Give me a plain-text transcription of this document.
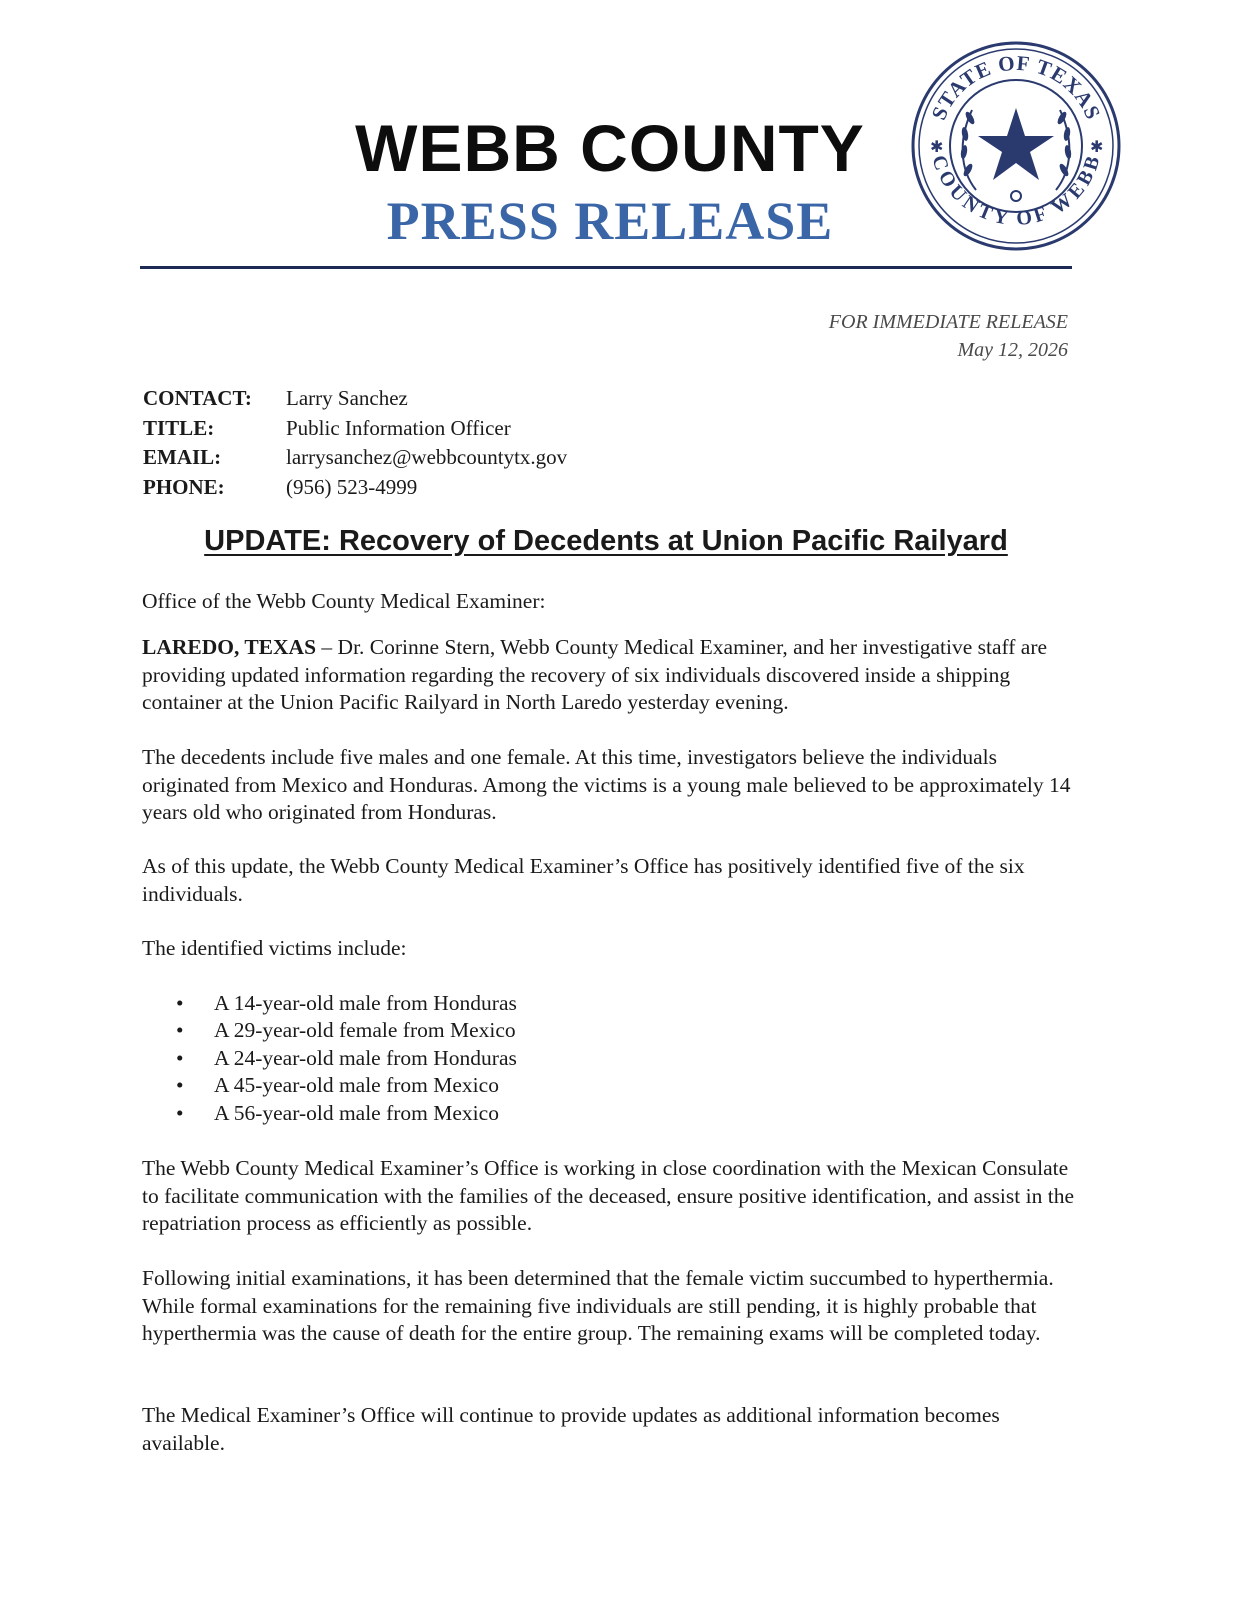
WEBB COUNTY
PRESS RELEASE
STATE OF TEXAS
COUNTY OF WEBB
✱	✱
FOR IMMEDIATE RELEASE
May 12, 2026
CONTACT:	Larry Sanchez
TITLE:	Public Information Officer
EMAIL:	larrysanchez@webbcountytx.gov
PHONE:	(956) 523-4999
UPDATE: Recovery of Decedents at Union Pacific Railyard
Office of the Webb County Medical Examiner:
LAREDO, TEXAS – Dr. Corinne Stern, Webb County Medical Examiner, and her investigative staff are providing updated information regarding the recovery of six individuals discovered inside a shipping container at the Union Pacific Railyard in North Laredo yesterday evening.
The decedents include five males and one female. At this time, investigators believe the individuals originated from Mexico and Honduras. Among the victims is a young male believed to be approximately 14 years old who originated from Honduras.
As of this update, the Webb County Medical Examiner’s Office has positively identified five of the six individuals.
The identified victims include:
• A 14-year-old male from Honduras
• A 29-year-old female from Mexico
• A 24-year-old male from Honduras
• A 45-year-old male from Mexico
• A 56-year-old male from Mexico
The Webb County Medical Examiner’s Office is working in close coordination with the Mexican Consulate to facilitate communication with the families of the deceased, ensure positive identification, and assist in the repatriation process as efficiently as possible.
Following initial examinations, it has been determined that the female victim succumbed to hyperthermia. While formal examinations for the remaining five individuals are still pending, it is highly probable that hyperthermia was the cause of death for the entire group. The remaining exams will be completed today.
The Medical Examiner’s Office will continue to provide updates as additional information becomes available.
